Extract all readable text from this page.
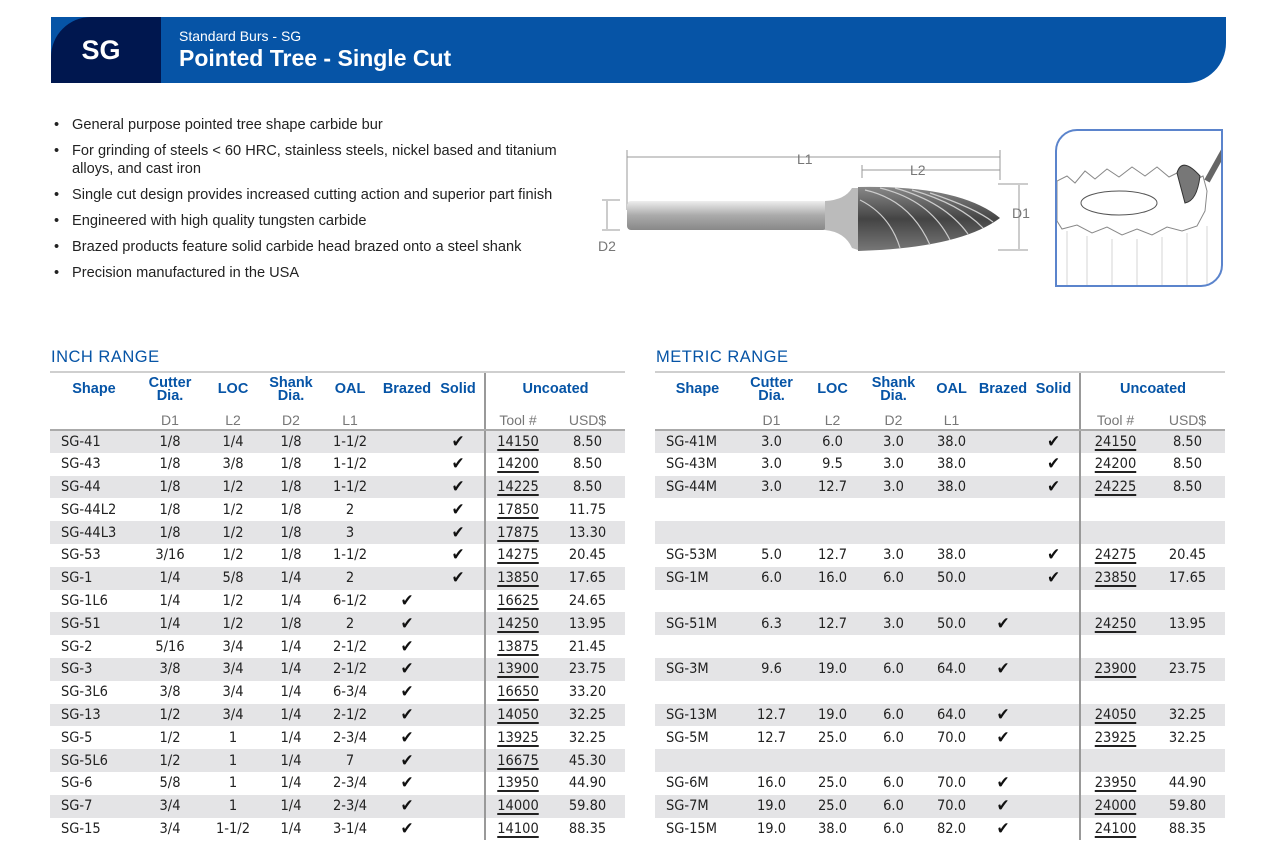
SG	Standard Burs - SG
Pointed Tree - Single Cut
• General purpose pointed tree shape carbide bur
• For grinding of steels < 60 HRC, stainless steels, nickel based and titanium alloys, and cast iron
• Single cut design provides increased cutting action and superior part finish
• Engineered with high quality tungsten carbide
• Brazed products feature solid carbide head brazed onto a steel shank
• Precision manufactured in the USA
L1
L2
D1
D2
INCH RANGE	METRIC RANGE
Shape	Cutter Dia.	LOC	Shank Dia.	OAL	Brazed	Solid	Uncoated	
	D1	L2	D2	L1			Tool #	USD$
SG-41	1/8	1/4	1/8	1-1/2		✔	14150	8.50
SG-43	1/8	3/8	1/8	1-1/2		✔	14200	8.50
SG-44	1/8	1/2	1/8	1-1/2		✔	14225	8.50
SG-44L2	1/8	1/2	1/8	2		✔	17850	11.75
SG-44L3	1/8	1/2	1/8	3		✔	17875	13.30
SG-53	3/16	1/2	1/8	1-1/2		✔	14275	20.45
SG-1	1/4	5/8	1/4	2		✔	13850	17.65
SG-1L6	1/4	1/2	1/4	6-1/2	✔		16625	24.65
SG-51	1/4	1/2	1/8	2	✔		14250	13.95
SG-2	5/16	3/4	1/4	2-1/2	✔		13875	21.45
SG-3	3/8	3/4	1/4	2-1/2	✔		13900	23.75
SG-3L6	3/8	3/4	1/4	6-3/4	✔		16650	33.20
SG-13	1/2	3/4	1/4	2-1/2	✔		14050	32.25
SG-5	1/2	1	1/4	2-3/4	✔		13925	32.25
SG-5L6	1/2	1	1/4	7	✔		16675	45.30
SG-6	5/8	1	1/4	2-3/4	✔		13950	44.90
SG-7	3/4	1	1/4	2-3/4	✔		14000	59.80
SG-15	3/4	1-1/2	1/4	3-1/4	✔		14100	88.35
Shape	Cutter Dia.	LOC	Shank Dia.	OAL	Brazed	Solid	Uncoated	
	D1	L2	D2	L1			Tool #	USD$
SG-41M	3.0	6.0	3.0	38.0		✔	24150	8.50
SG-43M	3.0	9.5	3.0	38.0		✔	24200	8.50
SG-44M	3.0	12.7	3.0	38.0		✔	24225	8.50

SG-53M	5.0	12.7	3.0	38.0		✔	24275	20.45
SG-1M	6.0	16.0	6.0	50.0		✔	23850	17.65

SG-51M	6.3	12.7	3.0	50.0	✔		24250	13.95

SG-3M	9.6	19.0	6.0	64.0	✔		23900	23.75

SG-13M	12.7	19.0	6.0	64.0	✔		24050	32.25
SG-5M	12.7	25.0	6.0	70.0	✔		23925	32.25

SG-6M	16.0	25.0	6.0	70.0	✔		23950	44.90
SG-7M	19.0	25.0	6.0	70.0	✔		24000	59.80
SG-15M	19.0	38.0	6.0	82.0	✔		24100	88.35
